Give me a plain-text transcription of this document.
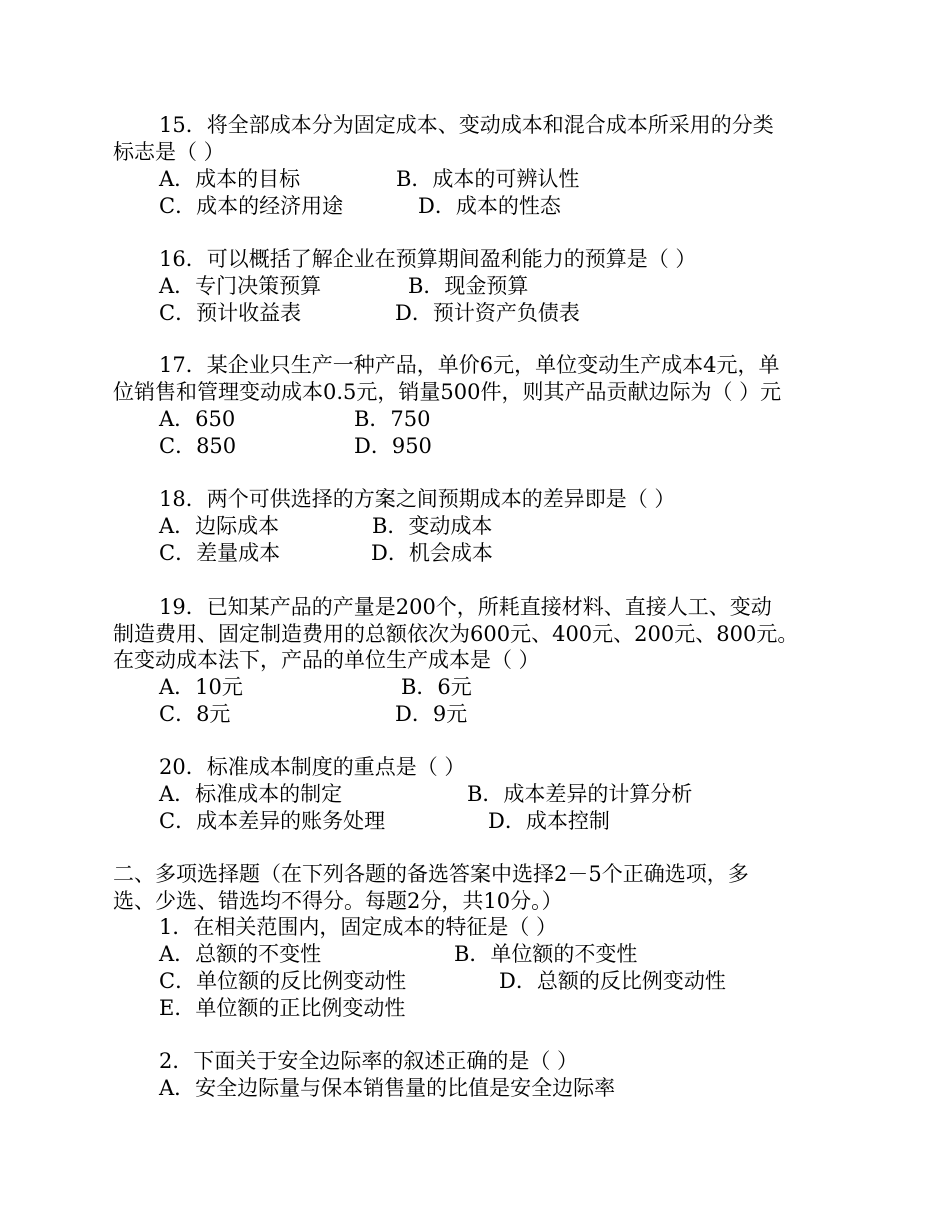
15．将全部成本分为固定成本、变动成本和混合成本所采用的分类
标志是（ ）
A．成本的目标	B．成本的可辨认性
C．成本的经济用途	D．成本的性态
16．可以概括了解企业在预算期间盈利能力的预算是（ ）
A．专门决策预算	B．现金预算
C．预计收益表	D．预计资产负债表
17．某企业只生产一种产品，单价6元，单位变动生产成本4元，单
位销售和管理变动成本0.5元，销量500件，则其产品贡献边际为（ ）元
A．650	B．750
C．850	D．950
18．两个可供选择的方案之间预期成本的差异即是（ ）
A．边际成本	B．变动成本
C．差量成本	D．机会成本
19．已知某产品的产量是200个，所耗直接材料、直接人工、变动
制造费用、固定制造费用的总额依次为600元、400元、200元、800元。
在变动成本法下，产品的单位生产成本是（ ）
A．10元	B．6元
C．8元	D．9元
20．标准成本制度的重点是（ ）
A．标准成本的制定	B．成本差异的计算分析
C．成本差异的账务处理	D．成本控制
二、多项选择题（在下列各题的备选答案中选择2－5个正确选项，多
选、少选、错选均不得分。每题2分，共10分。）
1．在相关范围内，固定成本的特征是（ ）
A．总额的不变性	B．单位额的不变性
C．单位额的反比例变动性	D．总额的反比例变动性
E．单位额的正比例变动性
2．下面关于安全边际率的叙述正确的是（ ）
A．安全边际量与保本销售量的比值是安全边际率
